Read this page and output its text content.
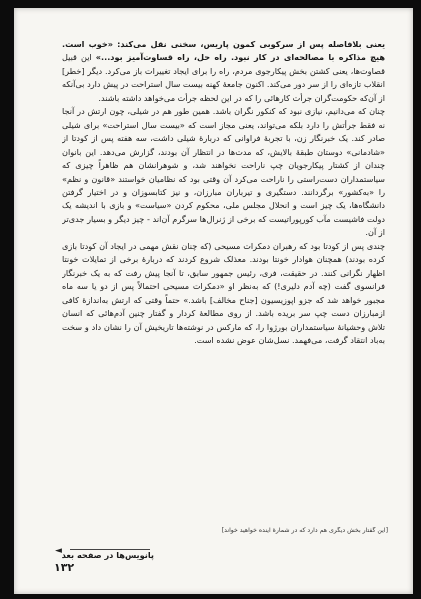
یعنی بلافاصله پس از سرکوبی کمون پاریس، سخنی نقل می‌کند: «خوب است. هیچ مذاکره با مصالحه‌ای در کار نبود. راه حل، راه قساوت‌آمیز بود...» این قبیل قصاوت‌ها، یعنی کشتن بخش پیکارجوی مردم، راه را برای ایجاد تغییرات باز می‌کرد. دیگر [خطر] انقلاب تازه‌ای را از سر دور می‌کند. اکنون جامعهٔ کهنه بیست سال استراحت در پیش دارد بی‌آنکه از آن‌که حکومت‌گران جرأت کارهائی را که در این لحظه جرأت می‌خواهد داشته باشند.

چنان که می‌دانیم، نیازی نبود که کنکور نگران باشد. همین طور هم در شیلی، چون ارتش در آنجا نه فقط جرأتش را دارد بلکه می‌تواند، یعنی مجاز است که «بیست سال استراحت» برای شیلی صادر کند. یک خبرنگار زن، با تجربهٔ فراوانی که دربارهٔ شیلی داشت، سه هفته پس از کودتا از «شادمانی» دوستان طبقهٔ بالایش، که مدت‌ها در انتظار آن بودند، گزارش می‌دهد. این بانوان چندان از کشتار پیکارجویان چپ ناراحت نخواهند شد، و شوهرانشان هم ظاهراً چیزی که سیاستمداران دست‌راستی را ناراحت می‌کرد آن وقتی بود که نظامیان خواستند «قانون و نظم» را «به‌کشور» برگردانند. دستگیری و تیرباران مبارزان، و نیز کتابسوزان و در اختیار گرفتن دانشگاه‌ها، یک چیز است و انحلال مجلس ملی، محکوم کردن «سیاست» و بازی با اندیشه یک دولت فاشیست مآب کورپوراتیست که برخی از ژنرال‌ها سرگرم آن‌اند - چیز دیگر و بسیار جدی‌تر از آن.

چندی پس از کودتا بود که رهبران دمکرات مسیحی (که چنان نقش مهمی در ایجاد آن کودتا بازی کرده بودند) همچنان هوادار خونتا بودند. معذلک شروع کردند که دربارهٔ برخی از تمایلات خونتا اظهار نگرانی کنند. در حقیقت، فری، رئیس جمهور سابق، تا آنجا پیش رفت که به یک خبرنگار فرانسوی گفت (چه آدم دلیری!) که به‌نظر او «دمکرات مسیحی احتمالاً پس از دو یا سه ماه مجبور خواهد شد که جزو اپوزیسیون [جناح مخالف] باشد.» حتماً وقتی که ارتش به‌اندازهٔ کافی ازمبارزان دست چپ سر بریده باشد. از روی مطالعهٔ کردار و گفتار چنین آدم‌هائی که انسان تلاش وحشیانهٔ سیاستمداران بورژوا را، که مارکس در نوشته‌ها تاریخیش آن را نشان داد و سخت به‌باد انتقاد گرفت، می‌فهمد. نسل‌شان عوض نشده است.

[این گفتار بخش دیگری هم دارد که در شمارهٔ آینده خواهید خواند]
◄ پانویس‌ها در صفحه بعد
۱۳۲
